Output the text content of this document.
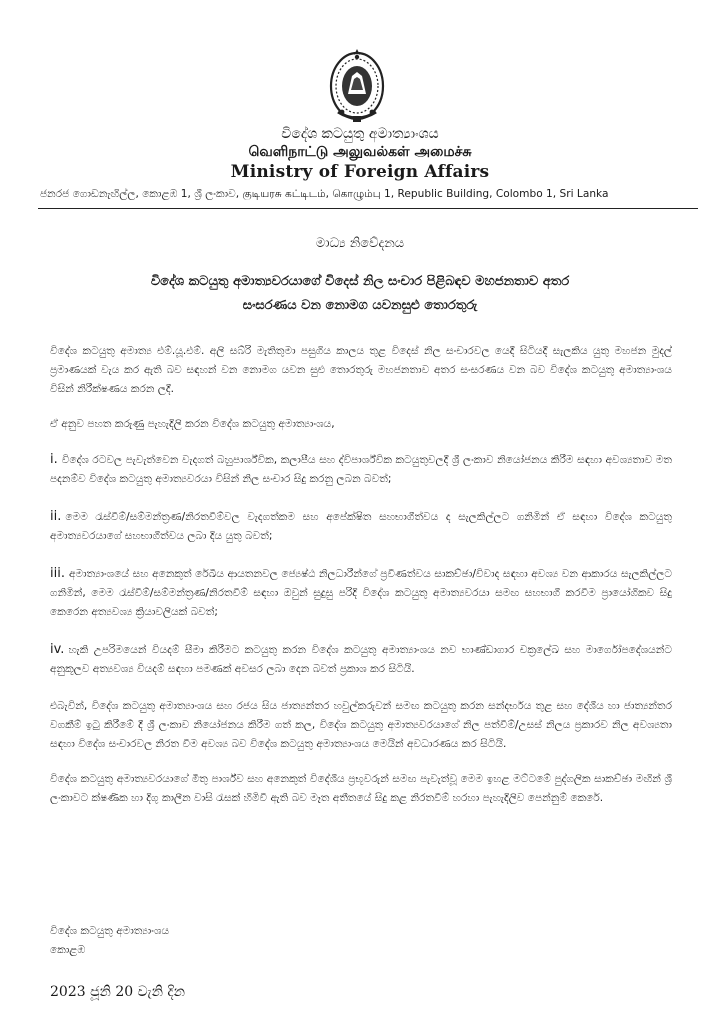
විදේශ කටයුතු අමාත්‍යාංශය
வெளிநாட்டு அலுவல்கள் அமைச்சு
Ministry of Foreign Affairs
ජනරජ ගොඩනැඟිල්ල, කොළඹ 1, ශ්‍රී ලංකාව, குடியரசு கட்டிடம், கொழும்பு 1, Republic Building, Colombo 1, Sri Lanka
මාධ්‍ය නිවේදනය
විදේශ කටයුතු අමාත්‍යවරයාගේ විදෙස් නිල සංචාර පිළිබඳව මහජනතාව අතර
සංසරණය වන නොමග යවනසුළු තොරතුරු

විදේශ කටයුතු අමාත්‍ය එම්.යූ.එම්. අලි සබ්රි මැතිතුමා පසුගිය කාලය තුළ විදෙස් නිල සංචාරවල යෙදී සිටියදී සැලකිය යුතු මහජන මුදල් ප්‍රමාණයක් වැය කර ඇති බව සඳහන් වන නොමග යවන සුළු තොරතුරු මහජනතාව අතර සංසරණය වන බව විදේශ කටයුතු අමාත්‍යාංශය විසින් නිරීක්ෂණය කරන ලදී.

ඒ අනුව පහත කරුණු පැහැදිලි කරන විදේශ කටයුතු අමාත්‍යාංශය,

i. විදේශ රටවල පැවැත්වෙන වැදගත් බහුපාර්ශ්වික, කලාපීය සහ ද්විපාර්ශ්වික කටයුතුවලදී ශ්‍රී ලංකාව නියෝජනය කිරීම සඳහා අවශ්‍යතාව මත පදනම්ව විදේශ කටයුතු අමාත්‍යවරයා විසින් නිල සංචාර සිදු කරනු ලබන බවත්;

ii. මෙම රැස්වීම්/සම්මන්ත්‍රණ/නිරතවීම්වල වැදගත්කම සහ අපේක්ෂිත සහභාගීත්වය ද සැලකිල්ලට ගනිමින් ඒ සඳහා විදේශ කටයුතු අමාත්‍යවරයාගේ සහභාගීත්වය ලබා දිය යුතු බවත්;

iii. අමාත්‍යාංශයේ සහ අනෙකුත් රේඛීය ආයතනවල ජ්‍යෙෂ්ඨ නිලධාරීන්ගේ ප්‍රවීණත්වය සාකච්ඡා/විවාද සඳහා අවශ්‍ය වන ආකාරය සැලකිල්ලට ගනිමින්, මෙම රැස්වීම්/සම්මන්ත්‍රණ/නිරතවීම් සඳහා ඔවුන් සුදුසු පරිදි විදේශ කටයුතු අමාත්‍යවරයා සමඟ සහභාගී කරවීම ප්‍රායෝගිකව සිදු කෙරෙන අත්‍යවශ්‍ය ක්‍රියාවලියක් බවත්;

iv. හැකි උපරිමයෙන් වියදම් සීමා කිරීමට කටයුතු කරන විදේශ කටයුතු අමාත්‍යාංශය නව භාණ්ඩාගාර චක්‍රලේඛ සහ මාර්ගෝපදේශයන්ට අනුකූලව අත්‍යවශ්‍ය වියදම් සඳහා පමණක් අවසර ලබා දෙන බවත් ප්‍රකාශ කර සිටියි.

එබැවින්, විදේශ කටයුතු අමාත්‍යාංශය සහ රජය සිය ජාත්‍යන්තර හවුල්කරුවන් සමඟ කටයුතු කරන සන්දර්භය තුළ සහ දේශීය හා ජාත්‍යන්තර වගකීම් ඉටු කිරීමේ දී ශ්‍රී ලංකාව නියෝජනය කිරීම ගත් කල, විදේශ කටයුතු අමාත්‍යවරයාගේ නිල පත්වීම්/උසස් නිලය ප්‍රකාරව නිල අවශ්‍යතා සඳහා විදේශ සංචාරවල නිරත වීම අවශ්‍ය බව විදේශ කටයුතු අමාත්‍යාංශය මෙයින් අවධාරණය කර සිටියි.

විදේශ කටයුතු අමාත්‍යවරයාගේ මීතු පාර්ශ්ව සහ අනෙකුත් විදේශීය ප්‍රභූවරුන් සමඟ පැවැත්වූ මෙම ඉහළ මට්ටමේ පුද්ගලික සාකච්ඡා මඟින් ශ්‍රී ලංකාවට ක්ෂණික හා දිගු කාලීන වාසි රැසක් හිමිවී ඇති බව මෑත අතීතයේ සිදු කළ නිරතවීම් හරහා පැහැදිලිව පෙන්නුම් කෙරේ.

විදේශ කටයුතු අමාත්‍යාංශය
කොළඹ
2023 ජූනි 20 වැනි දින
